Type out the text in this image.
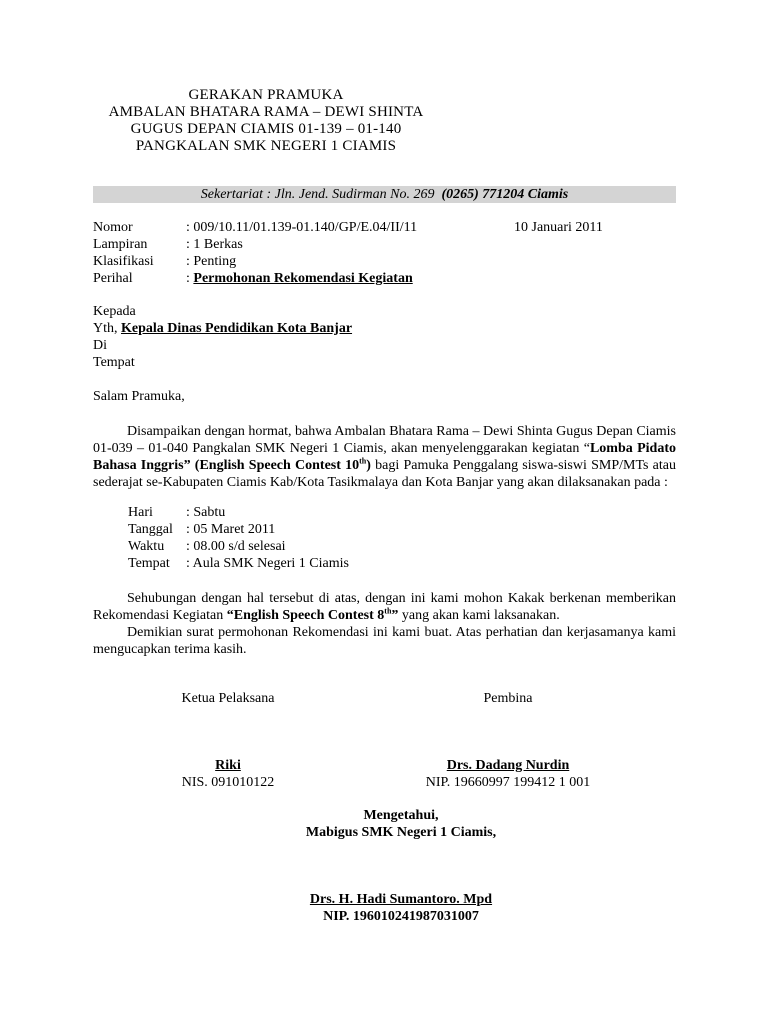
GERAKAN PRAMUKA
AMBALAN BHATARA RAMA – DEWI SHINTA
GUGUS DEPAN CIAMIS 01-139 – 01-140
PANGKALAN SMK NEGERI 1 CIAMIS
Sekertariat : Jln. Jend. Sudirman No. 269 (0265) 771204 Ciamis
Nomor	: 009/10.11/01.139-01.140/GP/E.04/II/11	10 Januari 2011
Lampiran	: 1 Berkas
Klasifikasi : Penting
Perihal	: Permohonan Rekomendasi Kegiatan
Kepada
Yth, Kepala Dinas Pendidikan Kota Banjar
Di
Tempat
Salam Pramuka,

Disampaikan dengan hormat, bahwa Ambalan Bhatara Rama – Dewi Shinta Gugus Depan Ciamis 01-039 – 01-040 Pangkalan SMK Negeri 1 Ciamis, akan menyelenggarakan kegiatan “Lomba Pidato Bahasa Inggris” (English Speech Contest 10th) bagi Pamuka Penggalang siswa-siswi SMP/MTs atau sederajat se-Kabupaten Ciamis Kab/Kota Tasikmalaya dan Kota Banjar yang akan dilaksanakan pada :

Hari : Sabtu
Tanggal : 05 Maret 2011
Waktu : 08.00 s/d selesai
Tempat : Aula SMK Negeri 1 Ciamis

Sehubungan dengan hal tersebut di atas, dengan ini kami mohon Kakak berkenan memberikan Rekomendasi Kegiatan “English Speech Contest 8th” yang akan kami laksanakan.

Demikian surat permohonan Rekomendasi ini kami buat. Atas perhatian dan kerjasamanya kami mengucapkan terima kasih.

Ketua Pelaksana	Pembina
Riki	Drs. Dadang Nurdin
NIS. 091010122	NIP. 19660997 199412 1 001
Mengetahui,
Mabigus SMK Negeri 1 Ciamis,
Drs. H. Hadi Sumantoro. Mpd
NIP. 196010241987031007
